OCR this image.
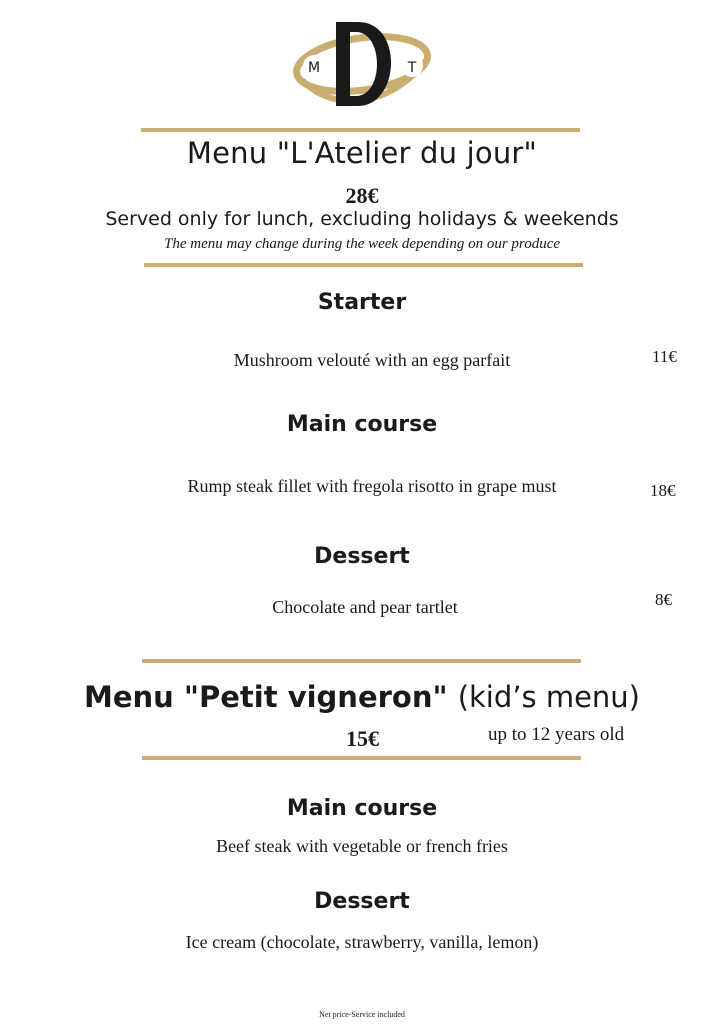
M	T
Menu "L'Atelier du jour"
28€
Served only for lunch, excluding holidays & weekends
The menu may change during the week depending on our produce
Starter
Mushroom velouté with an egg parfait	11€
Main course
Rump steak fillet with fregola risotto in grape must	18€
Dessert
Chocolate and pear tartlet	8€
Menu "Petit vigneron" (kid’s menu)
15€	up to 12 years old
Main course
Beef steak with vegetable or french fries
Dessert
Ice cream (chocolate, strawberry, vanilla, lemon)
Net price-Service included
